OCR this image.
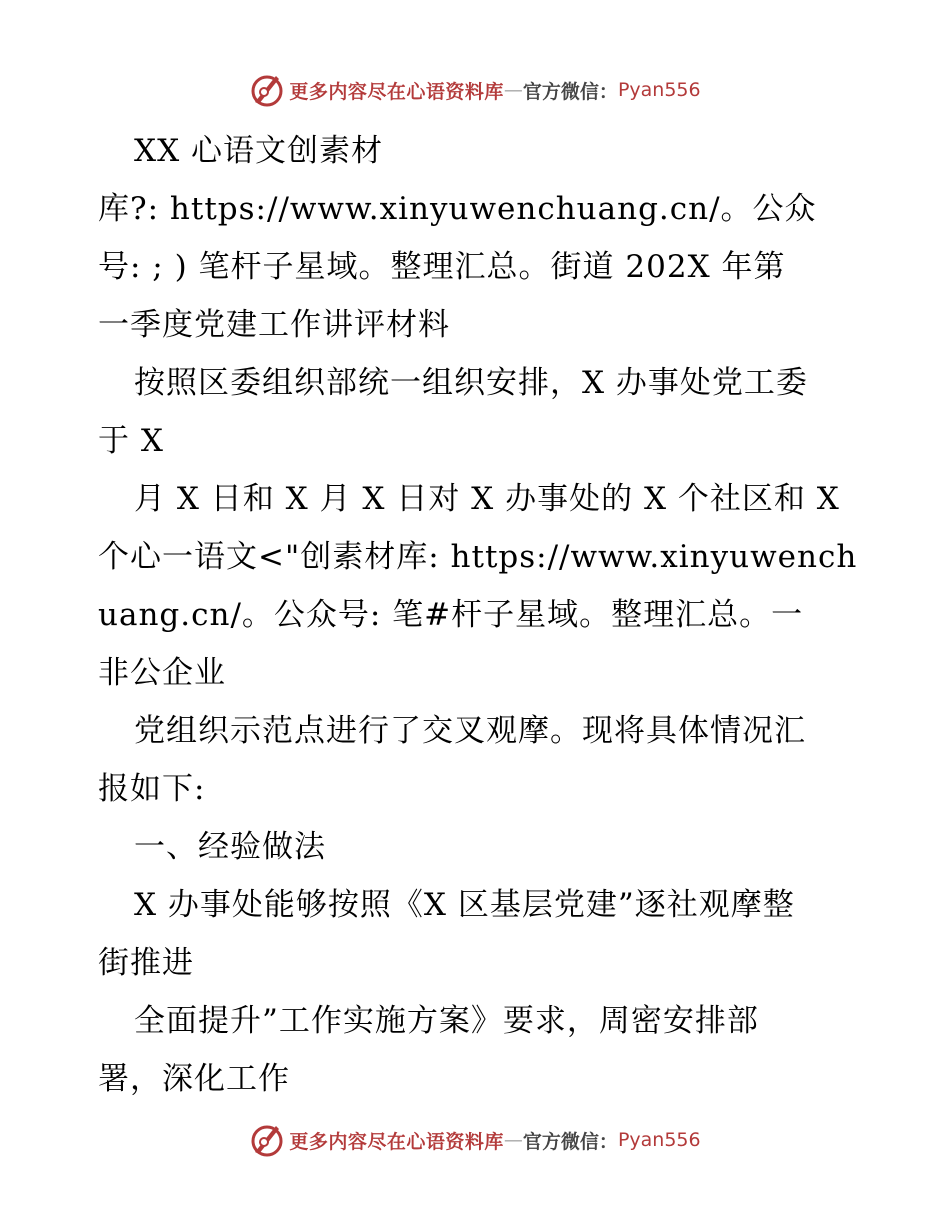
更多内容尽在心语资料库 — 官方微信： Pyan556
XX 心语文创素材
库?: https://www.xinyuwenchuang.cn/。公众
号: ; ) 笔杆子星域。整理汇总。街道 202X 年第
一季度党建工作讲评材料
按照区委组织部统一组织安排，X 办事处党工委
于 X
月 X 日和 X 月 X 日对 X 办事处的 X 个社区和 X
个心一语文<"创素材库: https://www.xinyuwench
uang.cn/。公众号: 笔#杆子星域。整理汇总。一
非公企业
党组织示范点进行了交叉观摩。现将具体情况汇
报如下:
一、经验做法
X 办事处能够按照《X 区基层党建”逐社观摩整
街推进
全面提升”工作实施方案》要求，周密安排部
署，深化工作
更多内容尽在心语资料库 — 官方微信： Pyan556
